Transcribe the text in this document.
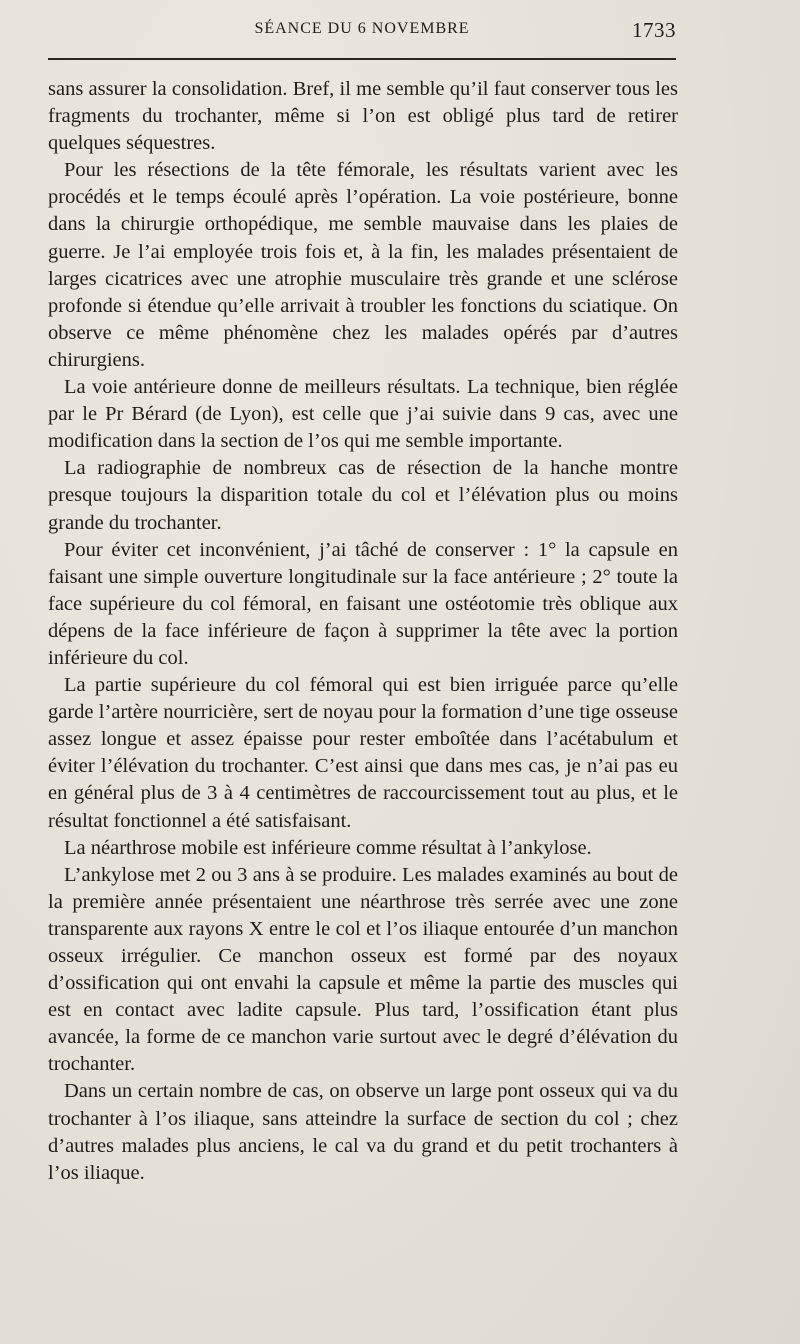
SÉANCE DU 6 NOVEMBRE	1733

sans assurer la consolidation. Bref, il me semble qu’il faut conserver tous les fragments du trochanter, même si l’on est obligé plus tard de retirer quelques séquestres.

Pour les résections de la tête fémorale, les résultats varient avec les procédés et le temps écoulé après l’opération. La voie postérieure, bonne dans la chirurgie orthopédique, me semble mauvaise dans les plaies de guerre. Je l’ai employée trois fois et, à la fin, les malades présentaient de larges cicatrices avec une atrophie musculaire très grande et une sclérose profonde si étendue qu’elle arrivait à troubler les fonctions du sciatique. On observe ce même phénomène chez les malades opérés par d’autres chirurgiens.

La voie antérieure donne de meilleurs résultats. La technique, bien réglée par le Pr Bérard (de Lyon), est celle que j’ai suivie dans 9 cas, avec une modification dans la section de l’os qui me semble importante.

La radiographie de nombreux cas de résection de la hanche montre presque toujours la disparition totale du col et l’élévation plus ou moins grande du trochanter.

Pour éviter cet inconvénient, j’ai tâché de conserver : 1° la capsule en faisant une simple ouverture longitudinale sur la face antérieure ; 2° toute la face supérieure du col fémoral, en faisant une ostéotomie très oblique aux dépens de la face inférieure de façon à supprimer la tête avec la portion inférieure du col.

La partie supérieure du col fémoral qui est bien irriguée parce qu’elle garde l’artère nourricière, sert de noyau pour la formation d’une tige osseuse assez longue et assez épaisse pour rester emboîtée dans l’acétabulum et éviter l’élévation du trochanter. C’est ainsi que dans mes cas, je n’ai pas eu en général plus de 3 à 4 centimètres de raccourcissement tout au plus, et le résultat fonctionnel a été satisfaisant.

La néarthrose mobile est inférieure comme résultat à l’ankylose.

L’ankylose met 2 ou 3 ans à se produire. Les malades examinés au bout de la première année présentaient une néarthrose très serrée avec une zone transparente aux rayons X entre le col et l’os iliaque entourée d’un manchon osseux irrégulier. Ce manchon osseux est formé par des noyaux d’ossification qui ont envahi la capsule et même la partie des muscles qui est en contact avec ladite capsule. Plus tard, l’ossification étant plus avancée, la forme de ce manchon varie surtout avec le degré d’élévation du trochanter.

Dans un certain nombre de cas, on observe un large pont osseux qui va du trochanter à l’os iliaque, sans atteindre la surface de section du col ; chez d’autres malades plus anciens, le cal va du grand et du petit trochanters à l’os iliaque.
